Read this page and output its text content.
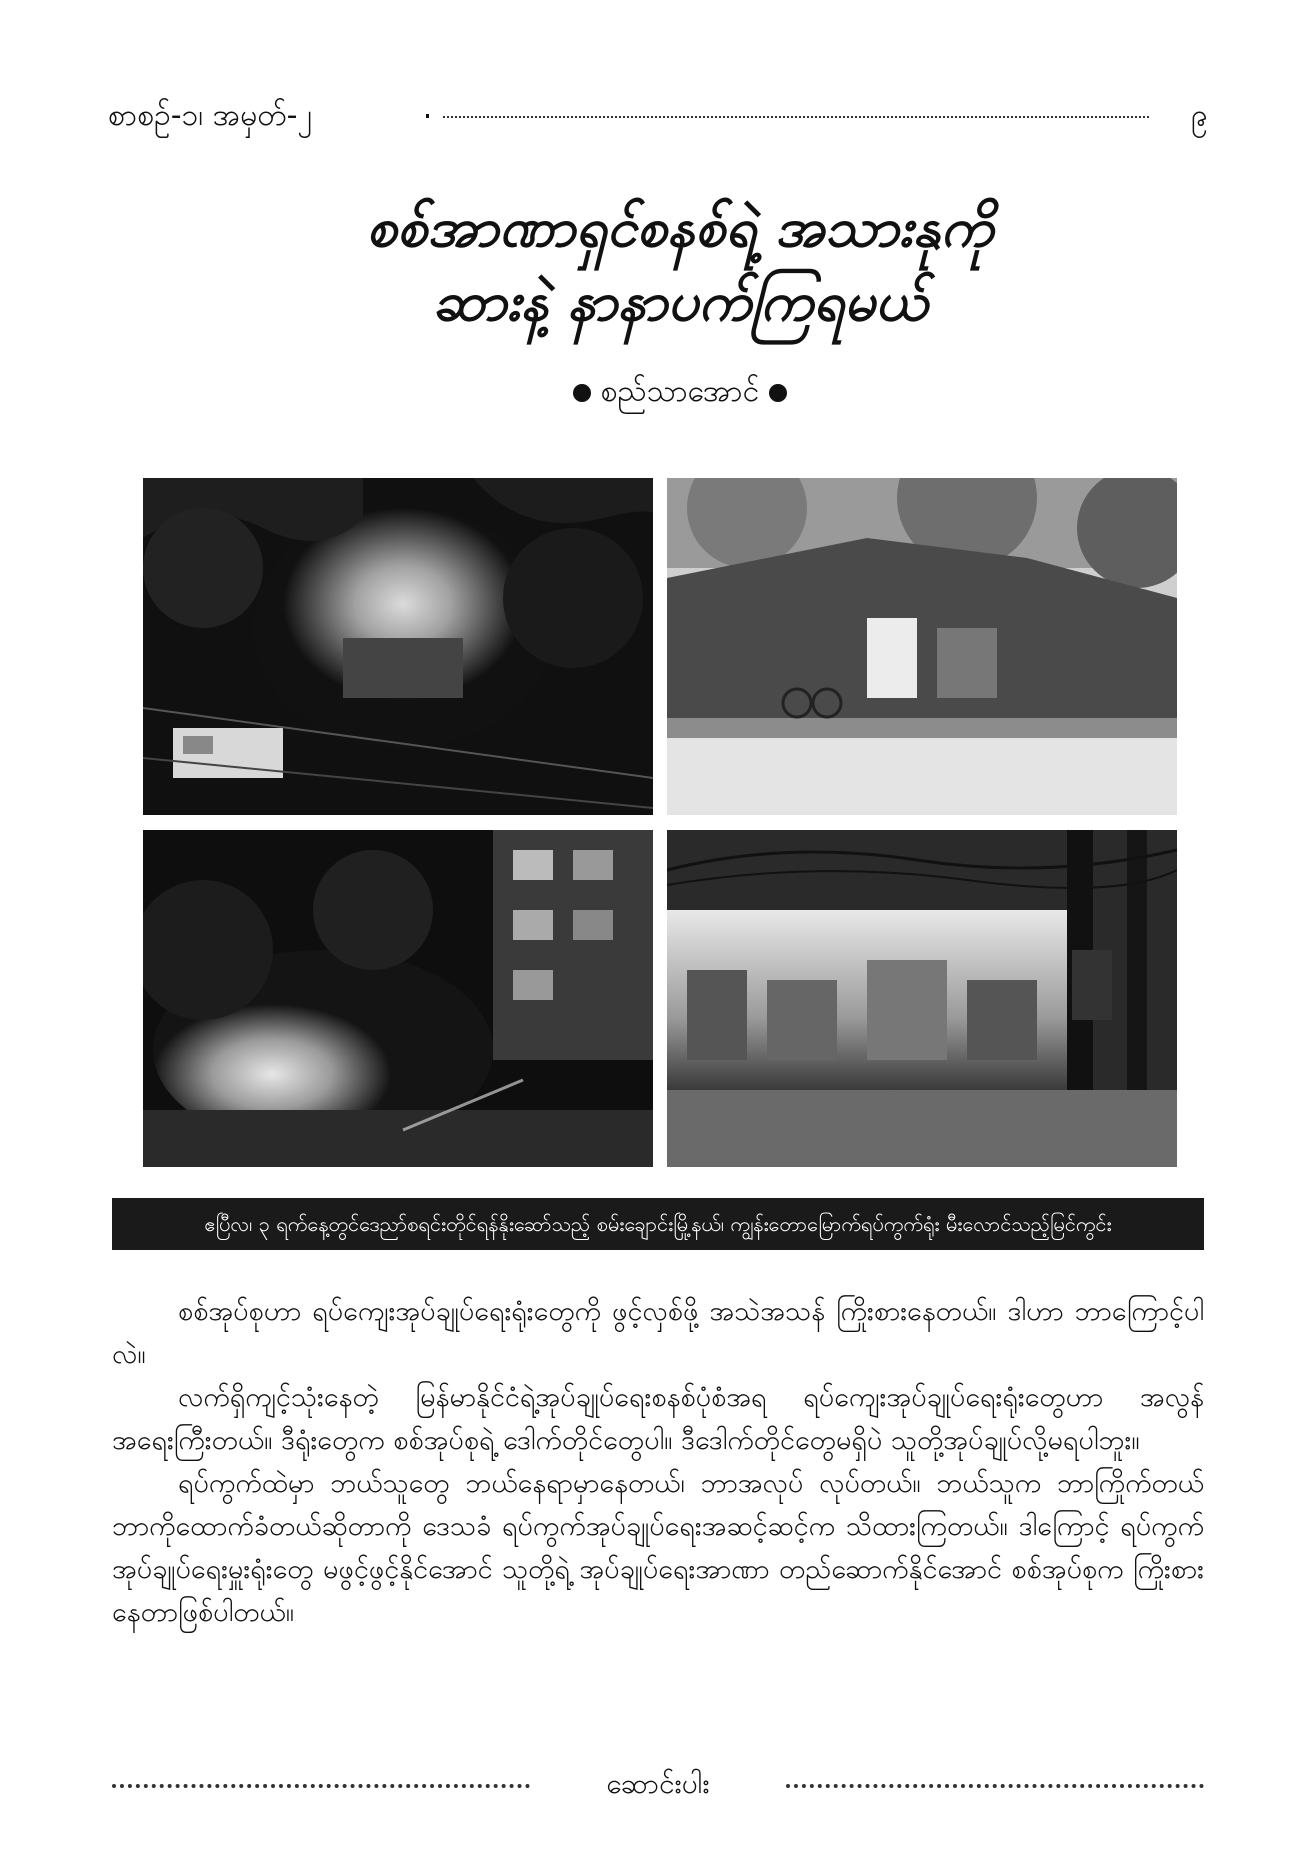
စာစဉ်-၁၊ အမှတ်-၂	၉
စစ်အာဏာရှင်စနစ်ရဲ့ အသားနုကို
ဆားနဲ့ နာနာပက်ကြရမယ်
စည်သာအောင်
ဧပြီလ၊ ၃ ရက်နေ့တွင်ဒေညာ်စရင်းတိုင်ရန်နိုးဆော်သည့် စမ်းချောင်းမြို့နယ်၊ ကျွန်းတောမြောက်ရပ်ကွက်ရုံး မီးလောင်သည့်မြင်ကွင်း

စစ်အုပ်စုဟာ ရပ်ကျေးအုပ်ချုပ်ရေးရုံးတွေကို ဖွင့်လှစ်ဖို့ အသဲအသန် ကြိုးစားနေတယ်။ ဒါဟာ ဘာကြောင့်ပါလဲ။

လက်ရှိကျင့်သုံးနေတဲ့ မြန်မာနိုင်ငံရဲ့အုပ်ချုပ်ရေးစနစ်ပုံစံအရ ရပ်ကျေးအုပ်ချုပ်ရေးရုံးတွေဟာ အလွန်အရေးကြီးတယ်။ ဒီရုံးတွေက စစ်အုပ်စုရဲ့ ဒေါက်တိုင်တွေပါ။ ဒီဒေါက်တိုင်တွေမရှိပဲ သူတို့အုပ်ချုပ်လို့မရပါဘူး။

ရပ်ကွက်ထဲမှာ ဘယ်သူတွေ ဘယ်နေရာမှာနေတယ်၊ ဘာအလုပ် လုပ်တယ်။ ဘယ်သူက ဘာကြိုက်တယ် ဘာကိုထောက်ခံတယ်ဆိုတာကို ဒေသခံ ရပ်ကွက်အုပ်ချုပ်ရေးအဆင့်ဆင့်က သိထားကြတယ်။ ဒါကြောင့် ရပ်ကွက်အုပ်ချုပ်ရေးမှူးရုံးတွေ မဖွင့်ဖွင့်နိုင်အောင် သူတို့ရဲ့ အုပ်ချုပ်ရေးအာဏာ တည်ဆောက်နိုင်အောင် စစ်အုပ်စုက ကြိုးစားနေတာဖြစ်ပါတယ်။

ဆောင်းပါး
